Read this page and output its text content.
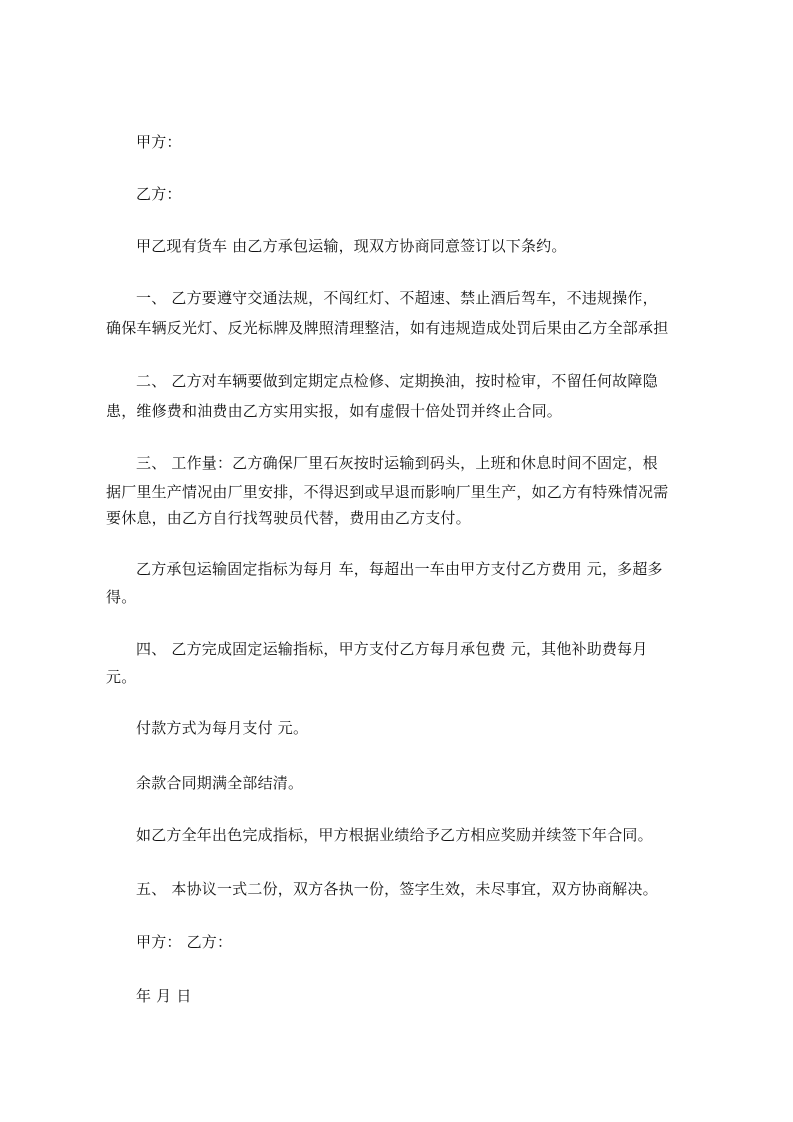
甲方：
乙方：
甲乙现有货车 由乙方承包运输，现双方协商同意签订以下条约。
一、 乙方要遵守交通法规，不闯红灯、不超速、禁止酒后驾车，不违规操作，
确保车辆反光灯、反光标牌及牌照清理整洁，如有违规造成处罚后果由乙方全部承担
二、 乙方对车辆要做到定期定点检修、定期换油，按时检审，不留任何故障隐
患，维修费和油费由乙方实用实报，如有虚假十倍处罚并终止合同。
三、 工作量：乙方确保厂里石灰按时运输到码头，上班和休息时间不固定，根
据厂里生产情况由厂里安排，不得迟到或早退而影响厂里生产，如乙方有特殊情况需
要休息，由乙方自行找驾驶员代替，费用由乙方支付。
乙方承包运输固定指标为每月 车，每超出一车由甲方支付乙方费用 元，多超多
得。
四、 乙方完成固定运输指标，甲方支付乙方每月承包费 元，其他补助费每月
元。
付款方式为每月支付 元。
余款合同期满全部结清。
如乙方全年出色完成指标，甲方根据业绩给予乙方相应奖励并续签下年合同。
五、 本协议一式二份，双方各执一份，签字生效，未尽事宜，双方协商解决。
甲方： 乙方：
年 月 日
